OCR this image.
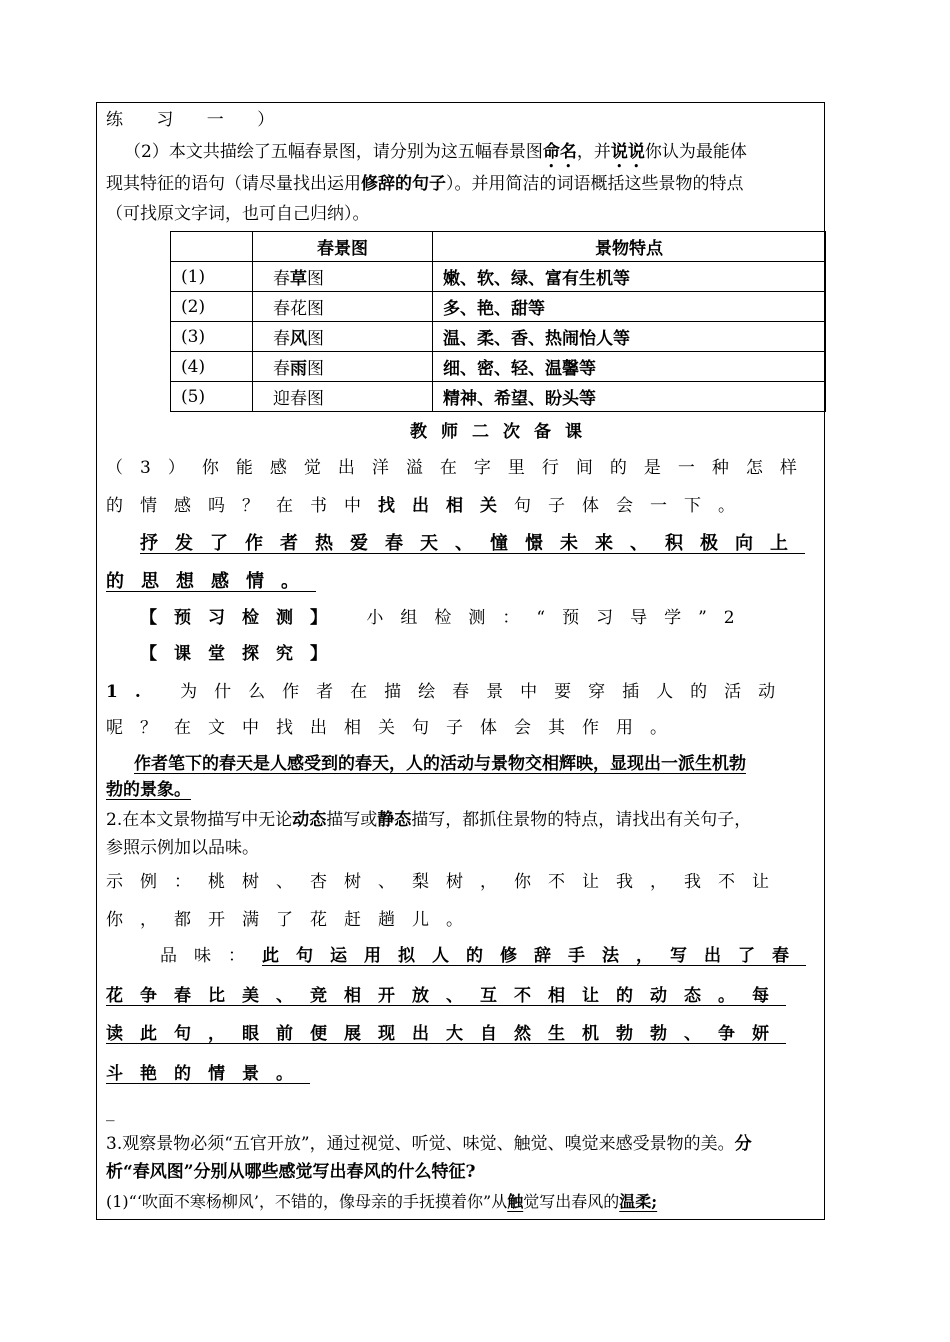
练 习 一 ）
（2）本文共描绘了五幅春景图，请分别为这五幅春景图命名，并说说你认为最能体
现其特征的语句（请尽量找出运用修辞的句子）。并用简洁的词语概括这些景物的特点
（可找原文字词，也可自己归纳）。
	春景图	景物特点
(1)	春草图	嫩、软、绿、富有生机等
(2)	春花图	多、艳、甜等
(3)	春风图	温、柔、香、热闹怡人等
(4)	春雨图	细、密、轻、温馨等
(5)	迎春图	精神、希望、盼头等
教师二次备课
（3）你能感觉出洋溢在字里行间的是一种怎样
的情感吗？在书中找出相关句子体会一下。
抒发了作者热爱春天、憧憬未来、积极向上
的思想感情。
【预习检测】 小组检测：“预习导学”2
【课堂探究】
1. 为什么作者在描绘春景中要穿插人的活动
呢？在文中找出相关句子体会其作用。
作者笔下的春天是人感受到的春天，人的活动与景物交相辉映，显现出一派生机勃
勃的景象。
2.在本文景物描写中无论动态描写或静态描写，都抓住景物的特点，请找出有关句子，
参照示例加以品味。
示例：桃树、杏树、梨树，你不让我，我不让
你，都开满了花赶趟儿。
品味：此句运用拟人的修辞手法，写出了春
花争春比美、竞相开放、互不相让的动态。每
读此句，眼前便展现出大自然生机勃勃、争妍
斗艳的情景。
_
3.观察景物必须“五官开放”，通过视觉、听觉、味觉、触觉、嗅觉来感受景物的美。分
析“春风图”分别从哪些感觉写出春风的什么特征?
(1)“‘吹面不寒杨柳风’，不错的，像母亲的手抚摸着你”从触觉写出春风的温柔;
